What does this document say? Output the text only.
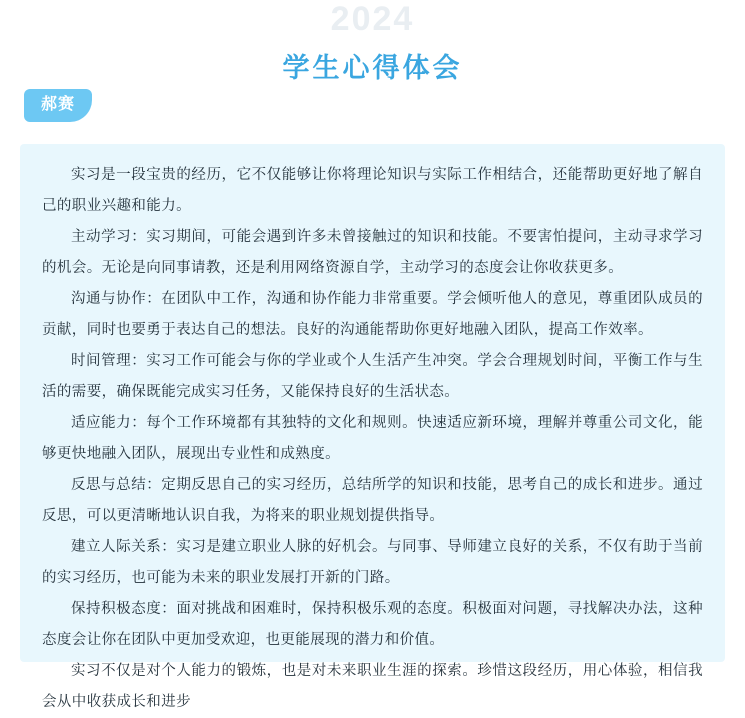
2024
学生心得体会
郝赛

实习是一段宝贵的经历，它不仅能够让你将理论知识与实际工作相结合，还能帮助更好地了解自己的职业兴趣和能力。

主动学习：实习期间，可能会遇到许多未曾接触过的知识和技能。不要害怕提问，主动寻求学习的机会。无论是向同事请教，还是利用网络资源自学，主动学习的态度会让你收获更多。

沟通与协作：在团队中工作，沟通和协作能力非常重要。学会倾听他人的意见，尊重团队成员的贡献，同时也要勇于表达自己的想法。良好的沟通能帮助你更好地融入团队，提高工作效率。

时间管理：实习工作可能会与你的学业或个人生活产生冲突。学会合理规划时间，平衡工作与生活的需要，确保既能完成实习任务，又能保持良好的生活状态。

适应能力：每个工作环境都有其独特的文化和规则。快速适应新环境，理解并尊重公司文化，能够更快地融入团队，展现出专业性和成熟度。

反思与总结：定期反思自己的实习经历，总结所学的知识和技能，思考自己的成长和进步。通过反思，可以更清晰地认识自我，为将来的职业规划提供指导。

建立人际关系：实习是建立职业人脉的好机会。与同事、导师建立良好的关系，不仅有助于当前的实习经历，也可能为未来的职业发展打开新的门路。

保持积极态度：面对挑战和困难时，保持积极乐观的态度。积极面对问题，寻找解决办法，这种态度会让你在团队中更加受欢迎，也更能展现的潜力和价值。

实习不仅是对个人能力的锻炼，也是对未来职业生涯的探索。珍惜这段经历，用心体验，相信我会从中收获成长和进步
